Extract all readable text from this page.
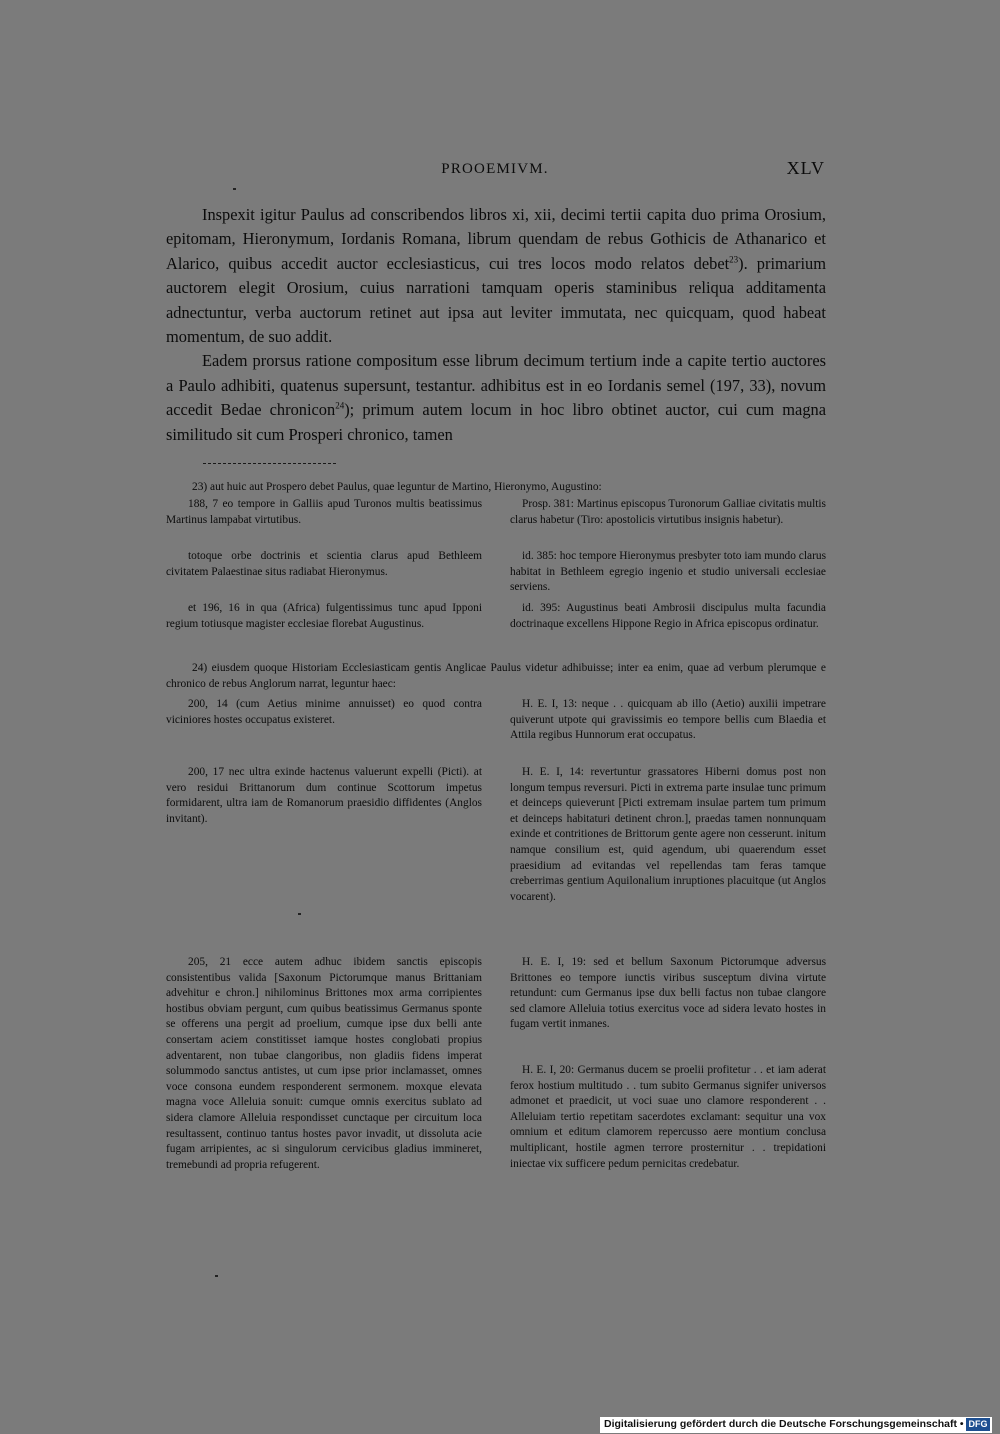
PROOEMIVM.	XLV

Inspexit igitur Paulus ad conscribendos libros xi, xii, decimi tertii capita duo prima Orosium, epitomam, Hieronymum, Iordanis Romana, librum quendam de rebus Gothicis de Athanarico et Alarico, quibus accedit auctor ecclesiasticus, cui tres locos modo relatos debet$^{23}$). primarium auctorem elegit Orosium, cuius narrationi tamquam operis staminibus reliqua additamenta adnectuntur, verba auctorum retinet aut ipsa aut leviter immutata, nec quicquam, quod habeat momentum, de suo addit.

Eadem prorsus ratione compositum esse librum decimum tertium inde a capite tertio auctores a Paulo adhibiti, quatenus supersunt, testantur. adhibitus est in eo Iordanis semel (197, 33), novum accedit Bedae chronicon$^{24}$); primum autem locum in hoc libro obtinet auctor, cui cum magna similitudo sit cum Prosperi chronico, tamen

23) aut huic aut Prospero debet Paulus, quae leguntur de Martino, Hieronymo, Augustino:

188, 7 eo tempore in Galliis apud Turonos multis beatissimus Martinus lampabat virtutibus.

totoque orbe doctrinis et scientia clarus apud Bethleem civitatem Palaestinae situs radiabat Hieronymus.

et 196, 16 in qua (Africa) fulgentissimus tunc apud Ipponi regium totiusque magister ecclesiae florebat Augustinus.

Prosp. 381: Martinus episcopus Turonorum Galliae civitatis multis clarus habetur (Tiro: apostolicis virtutibus insignis habetur).

id. 385: hoc tempore Hieronymus presbyter toto iam mundo clarus habitat in Bethleem egregio ingenio et studio universali ecclesiae serviens.

id. 395: Augustinus beati Ambrosii discipulus multa facundia doctrinaque excellens Hippone Regio in Africa episcopus ordinatur.

24) eiusdem quoque Historiam Ecclesiasticam gentis Anglicae Paulus videtur adhibuisse; inter ea enim, quae ad verbum plerumque e chronico de rebus Anglorum narrat, leguntur haec:

200, 14 (cum Aetius minime annuisset) eo quod contra viciniores hostes occupatus existeret.

200, 17 nec ultra exinde hactenus valuerunt expelli (Picti). at vero residui Brittanorum dum continue Scottorum impetus formidarent, ultra iam de Romanorum praesidio diffidentes (Anglos invitant).

205, 21 ecce autem adhuc ibidem sanctis episcopis consistentibus valida [Saxonum Pictorumque manus Brittaniam advehitur e chron.] nihilominus Brittones mox arma corripientes hostibus obviam pergunt, cum quibus beatissimus Germanus sponte se offerens una pergit ad proelium, cumque ipse dux belli ante consertam aciem constitisset iamque hostes conglobati propius adventarent, non tubae clangoribus, non gladiis fidens imperat solummodo sanctus antistes, ut cum ipse prior inclamasset, omnes voce consona eundem responderent sermonem. moxque elevata magna voce Alleluia sonuit: cumque omnis exercitus sublato ad sidera clamore Alleluia respondisset cunctaque per circuitum loca resultassent, continuo tantus hostes pavor invadit, ut dissoluta acie fugam arripientes, ac si singulorum cervicibus gladius immineret, tremebundi ad propria refugerent.

H. E. I, 13: neque . . quicquam ab illo (Aetio) auxilii impetrare quiverunt utpote qui gravissimis eo tempore bellis cum Blaedia et Attila regibus Hunnorum erat occupatus.

H. E. I, 14: revertuntur grassatores Hiberni domus post non longum tempus reversuri. Picti in extrema parte insulae tunc primum et deinceps quieverunt [Picti extremam insulae partem tum primum et deinceps habitaturi detinent chron.], praedas tamen nonnunquam exinde et contritiones de Brittorum gente agere non cesserunt. initum namque consilium est, quid agendum, ubi quaerendum esset praesidium ad evitandas vel repellendas tam feras tamque creberrimas gentium Aquilonalium inruptiones placuitque (ut Anglos vocarent).

H. E. I, 19: sed et bellum Saxonum Pictorumque adversus Brittones eo tempore iunctis viribus susceptum divina virtute retundunt: cum Germanus ipse dux belli factus non tubae clangore sed clamore Alleluia totius exercitus voce ad sidera levato hostes in fugam vertit inmanes.

H. E. I, 20: Germanus ducem se proelii profitetur . . et iam aderat ferox hostium multitudo . . tum subito Germanus signifer universos admonet et praedicit, ut voci suae uno clamore responderent . . Alleluiam tertio repetitam sacerdotes exclamant: sequitur una vox omnium et editum clamorem repercusso aere montium conclusa multiplicant, hostile agmen terrore prosternitur . . trepidationi iniectae vix sufficere pedum pernicitas credebatur.

Digitalisierung gefördert durch die Deutsche Forschungsgemeinschaft • DFG
